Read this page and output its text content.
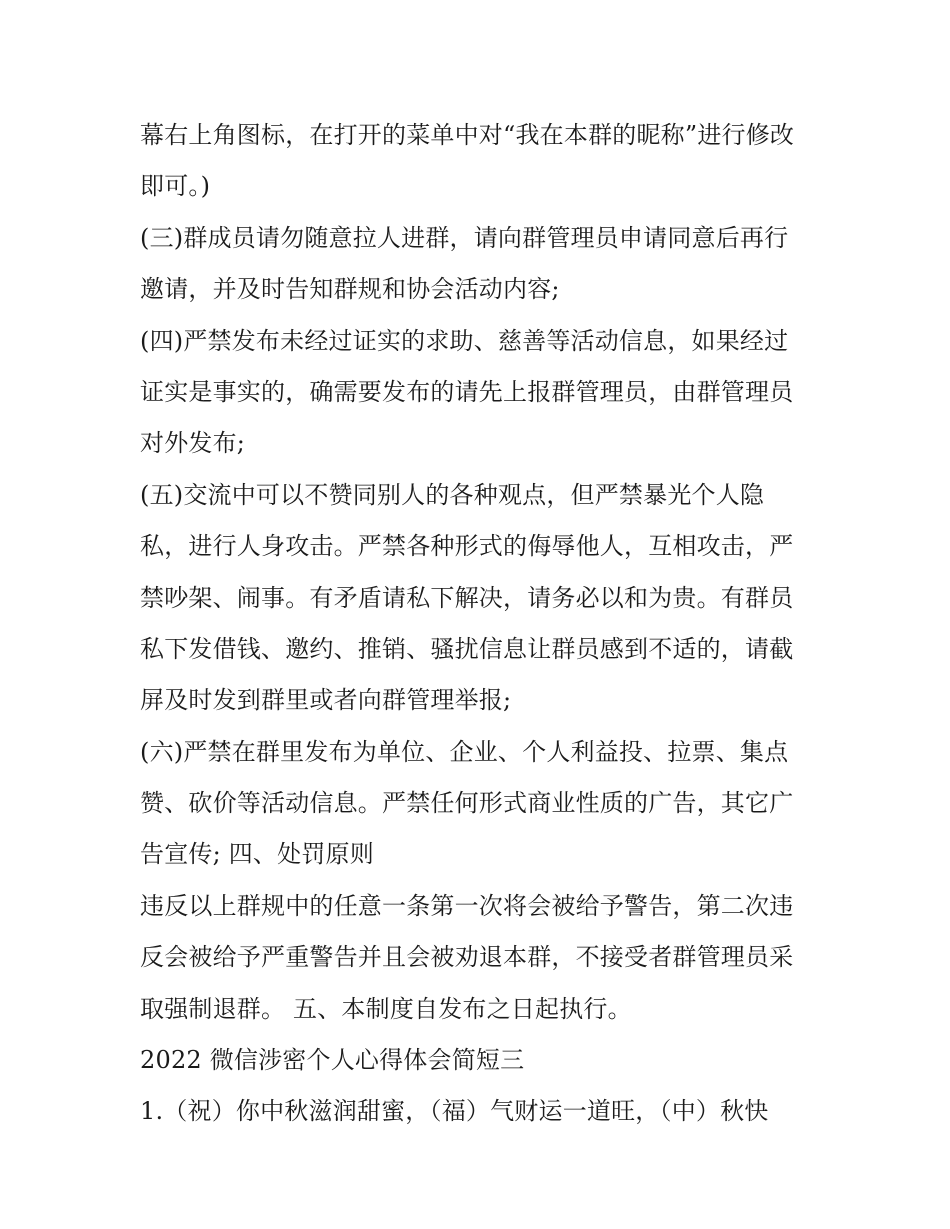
幕右上角图标，在打开的菜单中对“我在本群的昵称”进行修改
即可。)
(三)群成员请勿随意拉人进群，请向群管理员申请同意后再行
邀请，并及时告知群规和协会活动内容;
(四)严禁发布未经过证实的求助、慈善等活动信息，如果经过
证实是事实的，确需要发布的请先上报群管理员，由群管理员
对外发布;
(五)交流中可以不赞同别人的各种观点，但严禁暴光个人隐
私，进行人身攻击。严禁各种形式的侮辱他人，互相攻击，严
禁吵架、闹事。有矛盾请私下解决，请务必以和为贵。有群员
私下发借钱、邀约、推销、骚扰信息让群员感到不适的，请截
屏及时发到群里或者向群管理举报;
(六)严禁在群里发布为单位、企业、个人利益投、拉票、集点
赞、砍价等活动信息。严禁任何形式商业性质的广告，其它广
告宣传; 四、处罚原则
违反以上群规中的任意一条第一次将会被给予警告，第二次违
反会被给予严重警告并且会被劝退本群，不接受者群管理员采
取强制退群。 五、本制度自发布之日起执行。
2022 微信涉密个人心得体会简短三
1.（祝）你中秋滋润甜蜜，（福）气财运一道旺，（中）秋快
